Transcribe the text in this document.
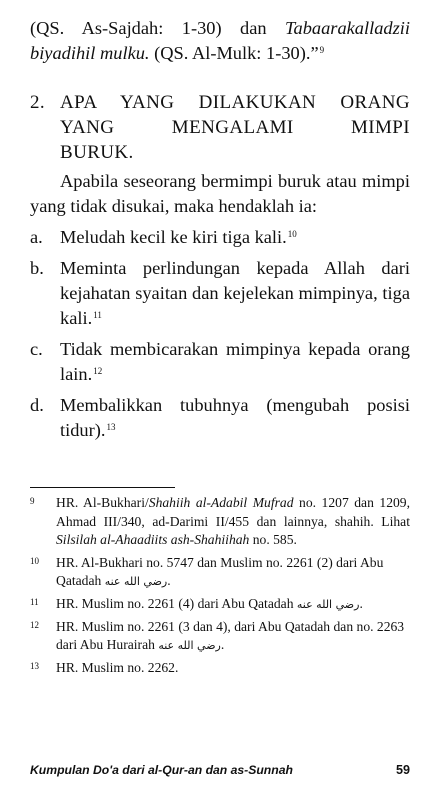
(QS. As-Sajdah: 1-30) dan Tabaarakalladzii

biyadihil mulku. (QS. Al-Mulk: 1-30).”$^9$

2. APA YANG DILAKUKAN ORANG
YANG MENGALAMI MIMPI
BURUK.

Apabila seseorang bermimpi buruk atau mimpi yang tidak disukai, maka hendaklah ia:

a. Meludah kecil ke kiri tiga kali.$^{10}$
b. Meminta perlindungan kepada Allah dari kejahatan syaitan dan kejelekan mimpinya, tiga kali.$^{11}$
c. Tidak membicarakan mimpinya kepada orang lain.$^{12}$
d. Membalikkan tubuhnya (mengubah posisi tidur).$^{13}$
9	HR. Al-Bukhari/Shahiih al-Adabil Mufrad no. 1207 dan 1209, Ahmad III/340, ad-Darimi II/455 dan lainnya, shahih. Lihat Silsilah al-Ahaadiits ash-Shahiihah no. 585.
10	HR. Al-Bukhari no. 5747 dan Muslim no. 2261 (2) dari Abu Qatadah رضي الله عنه.
11	HR. Muslim no. 2261 (4) dari Abu Qatadah رضي الله عنه.
12	HR. Muslim no. 2261 (3 dan 4), dari Abu Qatadah dan no. 2263 dari Abu Hurairah رضي الله عنه.
13	HR. Muslim no. 2262.
Kumpulan Do'a dari al-Qur-an dan as-Sunnah	59
